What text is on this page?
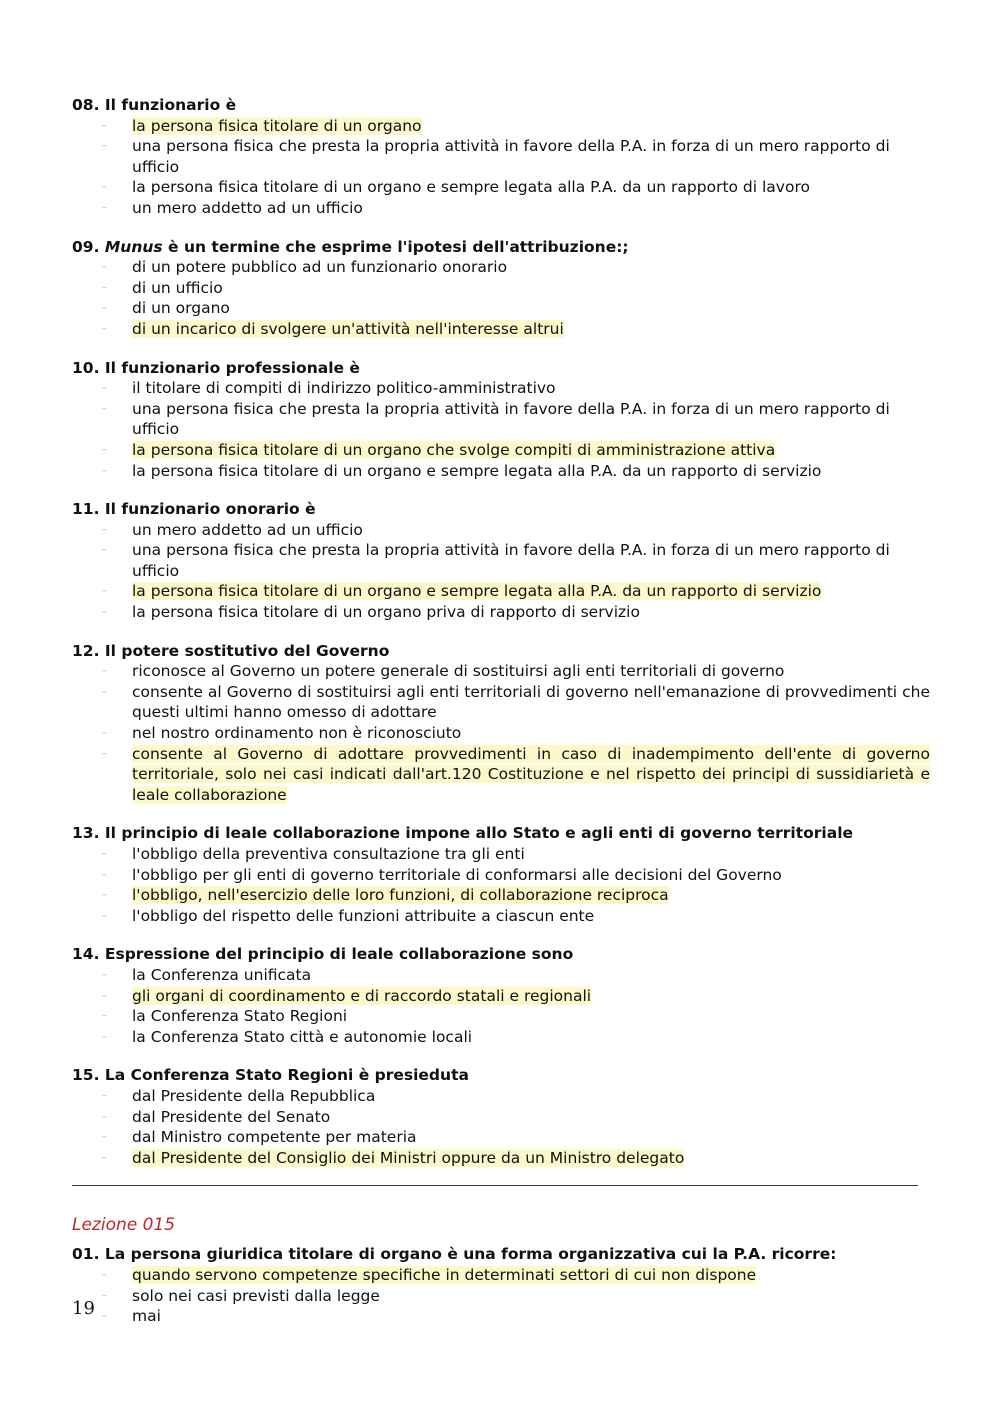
08. Il funzionario è

– la persona fisica titolare di un organo
– una persona fisica che presta la propria attività in favore della P.A. in forza di un mero rapporto di ufficio
– la persona fisica titolare di un organo e sempre legata alla P.A. da un rapporto di lavoro
– un mero addetto ad un ufficio

09. Munus è un termine che esprime l'ipotesi dell'attribuzione:;

– di un potere pubblico ad un funzionario onorario
– di un ufficio
– di un organo
– di un incarico di svolgere un'attività nell'interesse altrui

10. Il funzionario professionale è

– il titolare di compiti di indirizzo politico-amministrativo
– una persona fisica che presta la propria attività in favore della P.A. in forza di un mero rapporto di ufficio
– la persona fisica titolare di un organo che svolge compiti di amministrazione attiva
– la persona fisica titolare di un organo e sempre legata alla P.A. da un rapporto di servizio

11. Il funzionario onorario è

– un mero addetto ad un ufficio
– una persona fisica che presta la propria attività in favore della P.A. in forza di un mero rapporto di ufficio
– la persona fisica titolare di un organo e sempre legata alla P.A. da un rapporto di servizio
– la persona fisica titolare di un organo priva di rapporto di servizio

12. Il potere sostitutivo del Governo

– riconosce al Governo un potere generale di sostituirsi agli enti territoriali di governo
– consente al Governo di sostituirsi agli enti territoriali di governo nell'emanazione di provvedimenti che questi ultimi hanno omesso di adottare
– nel nostro ordinamento non è riconosciuto
– consente al Governo di adottare provvedimenti in caso di inadempimento dell'ente di governo territoriale, solo nei casi indicati dall'art.120 Costituzione e nel rispetto dei principi di sussidiarietà e leale collaborazione

13. Il principio di leale collaborazione impone allo Stato e agli enti di governo territoriale

– l'obbligo della preventiva consultazione tra gli enti
– l'obbligo per gli enti di governo territoriale di conformarsi alle decisioni del Governo
– l'obbligo, nell'esercizio delle loro funzioni, di collaborazione reciproca
– l'obbligo del rispetto delle funzioni attribuite a ciascun ente

14. Espressione del principio di leale collaborazione sono

– la Conferenza unificata
– gli organi di coordinamento e di raccordo statali e regionali
– la Conferenza Stato Regioni
– la Conferenza Stato città e autonomie locali

15. La Conferenza Stato Regioni è presieduta

– dal Presidente della Repubblica
– dal Presidente del Senato
– dal Ministro competente per materia
– dal Presidente del Consiglio dei Ministri oppure da un Ministro delegato
Lezione 015

01. La persona giuridica titolare di organo è una forma organizzativa cui la P.A. ricorre:

– quando servono competenze specifiche in determinati settori di cui non dispone
– solo nei casi previsti dalla legge
– mai
19
